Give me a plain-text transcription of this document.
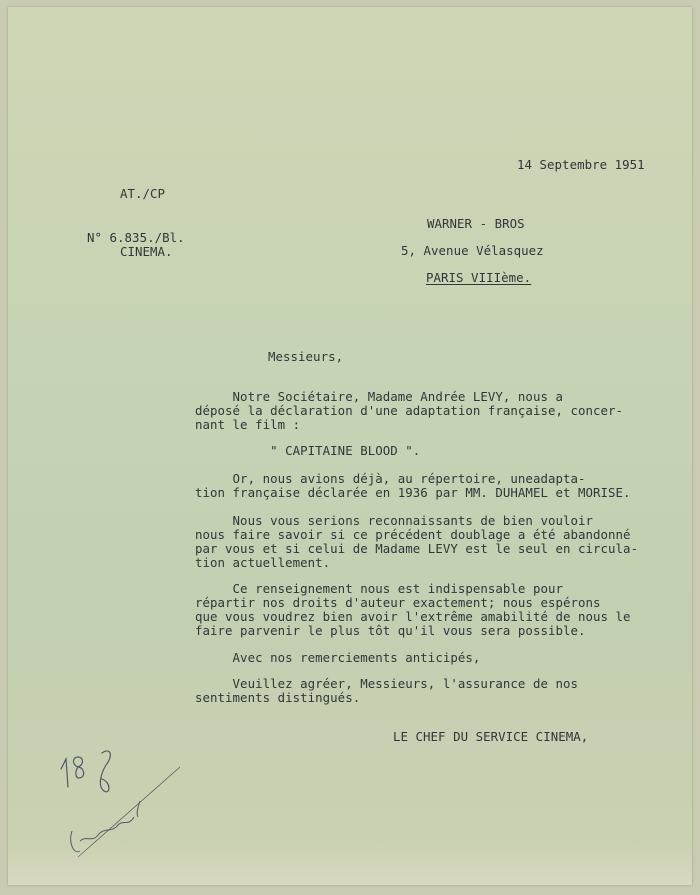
14 Septembre 1951
AT./CP
N° 6.835./Bl.
CINEMA.
WARNER - BROS
5, Avenue Vélasquez
PARIS VIIIème.
Messieurs,
Notre Sociétaire, Madame Andrée LEVY, nous a
déposé la déclaration d'une adaptation française, concer-
nant le film :
" CAPITAINE BLOOD ".
Or, nous avions déjà, au répertoire, uneadapta-
tion française déclarée en 1936 par MM. DUHAMEL et MORISE.
Nous vous serions reconnaissants de bien vouloir
nous faire savoir si ce précédent doublage a été abandonné
par vous et si celui de Madame LEVY est le seul en circula-
tion actuellement.
Ce renseignement nous est indispensable pour
répartir nos droits d'auteur exactement; nous espérons
que vous voudrez bien avoir l'extrême amabilité de nous le
faire parvenir le plus tôt qu'il vous sera possible.
Avec nos remerciements anticipés,
Veuillez agréer, Messieurs, l'assurance de nos
sentiments distingués.
LE CHEF DU SERVICE CINEMA,
